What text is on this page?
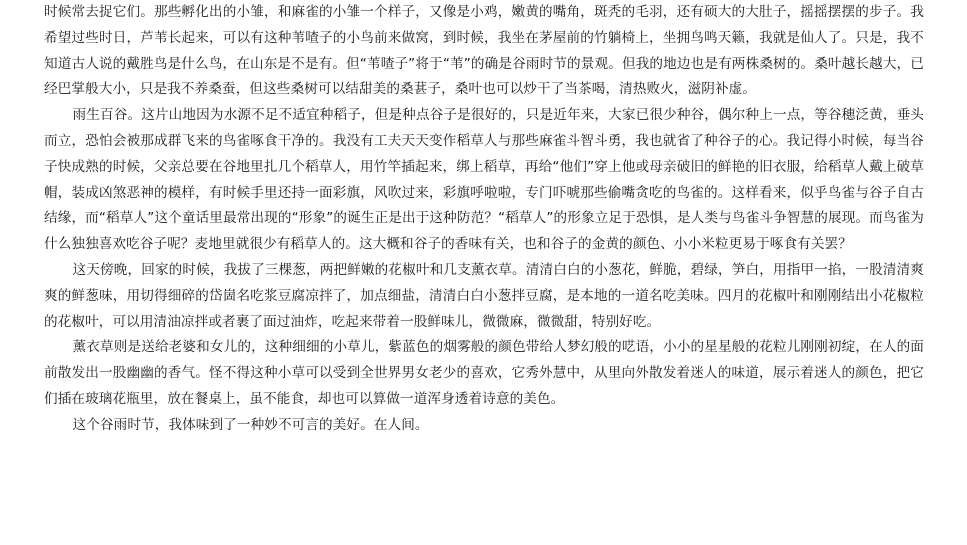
时候常去捉它们。那些孵化出的小雏，和麻雀的小雏一个样子，又像是小鸡，嫩黄的嘴角，斑秃的毛羽，还有硕大的大肚子，摇摇摆摆的步子。我希望过些时日，芦苇长起来，可以有这种苇喳子的小鸟前来做窝，到时候，我坐在茅屋前的竹躺椅上，坐拥鸟鸣天籁，我就是仙人了。只是，我不知道古人说的戴胜鸟是什么鸟，在山东是不是有。但“苇喳子”将于“苇”的确是谷雨时节的景观。但我的地边也是有两株桑树的。桑叶越长越大，已经巴掌般大小，只是我不养桑蚕，但这些桑树可以结甜美的桑葚子，桑叶也可以炒干了当茶喝，清热败火，滋阴补虚。

雨生百谷。这片山地因为水源不足不适宜种稻子，但是种点谷子是很好的，只是近年来，大家已很少种谷，偶尔种上一点，等谷穗泛黄，垂头而立，恐怕会被那成群飞来的鸟雀啄食干净的。我没有工夫天天变作稻草人与那些麻雀斗智斗勇，我也就省了种谷子的心。我记得小时候，每当谷子快成熟的时候，父亲总要在谷地里扎几个稻草人，用竹竿插起来，绑上稻草，再给“他们”穿上他或母亲破旧的鲜艳的旧衣服，给稻草人戴上破草帽，装成凶煞恶神的模样，有时候手里还持一面彩旗，风吹过来，彩旗呼啦啦，专门吓唬那些偷嘴贪吃的鸟雀的。这样看来，似乎鸟雀与谷子自古结缘，而“稻草人”这个童话里最常出现的“形象”的诞生正是出于这种防范？“稻草人”的形象立足于恐惧，是人类与鸟雀斗争智慧的展现。而鸟雀为什么独独喜欢吃谷子呢？麦地里就很少有稻草人的。这大概和谷子的香味有关，也和谷子的金黄的颜色、小小米粒更易于啄食有关罢？

这天傍晚，回家的时候，我拔了三棵葱，两把鲜嫩的花椒叶和几支薰衣草。清清白白的小葱花，鲜脆，碧绿，笋白，用指甲一掐，一股清清爽爽的鲜葱味，用切得细碎的岱崮名吃浆豆腐凉拌了，加点细盐，清清白白小葱拌豆腐，是本地的一道名吃美味。四月的花椒叶和刚刚结出小花椒粒的花椒叶，可以用清油凉拌或者裹了面过油炸，吃起来带着一股鲜味儿，微微麻，微微甜，特别好吃。

薰衣草则是送给老婆和女儿的，这种细细的小草儿，紫蓝色的烟雾般的颜色带给人梦幻般的呓语，小小的星星般的花粒儿刚刚初绽，在人的面前散发出一股幽幽的香气。怪不得这种小草可以受到全世界男女老少的喜欢，它秀外慧中，从里向外散发着迷人的味道，展示着迷人的颜色，把它们插在玻璃花瓶里，放在餐桌上，虽不能食，却也可以算做一道浑身透着诗意的美色。

这个谷雨时节，我体味到了一种妙不可言的美好。在人间。
